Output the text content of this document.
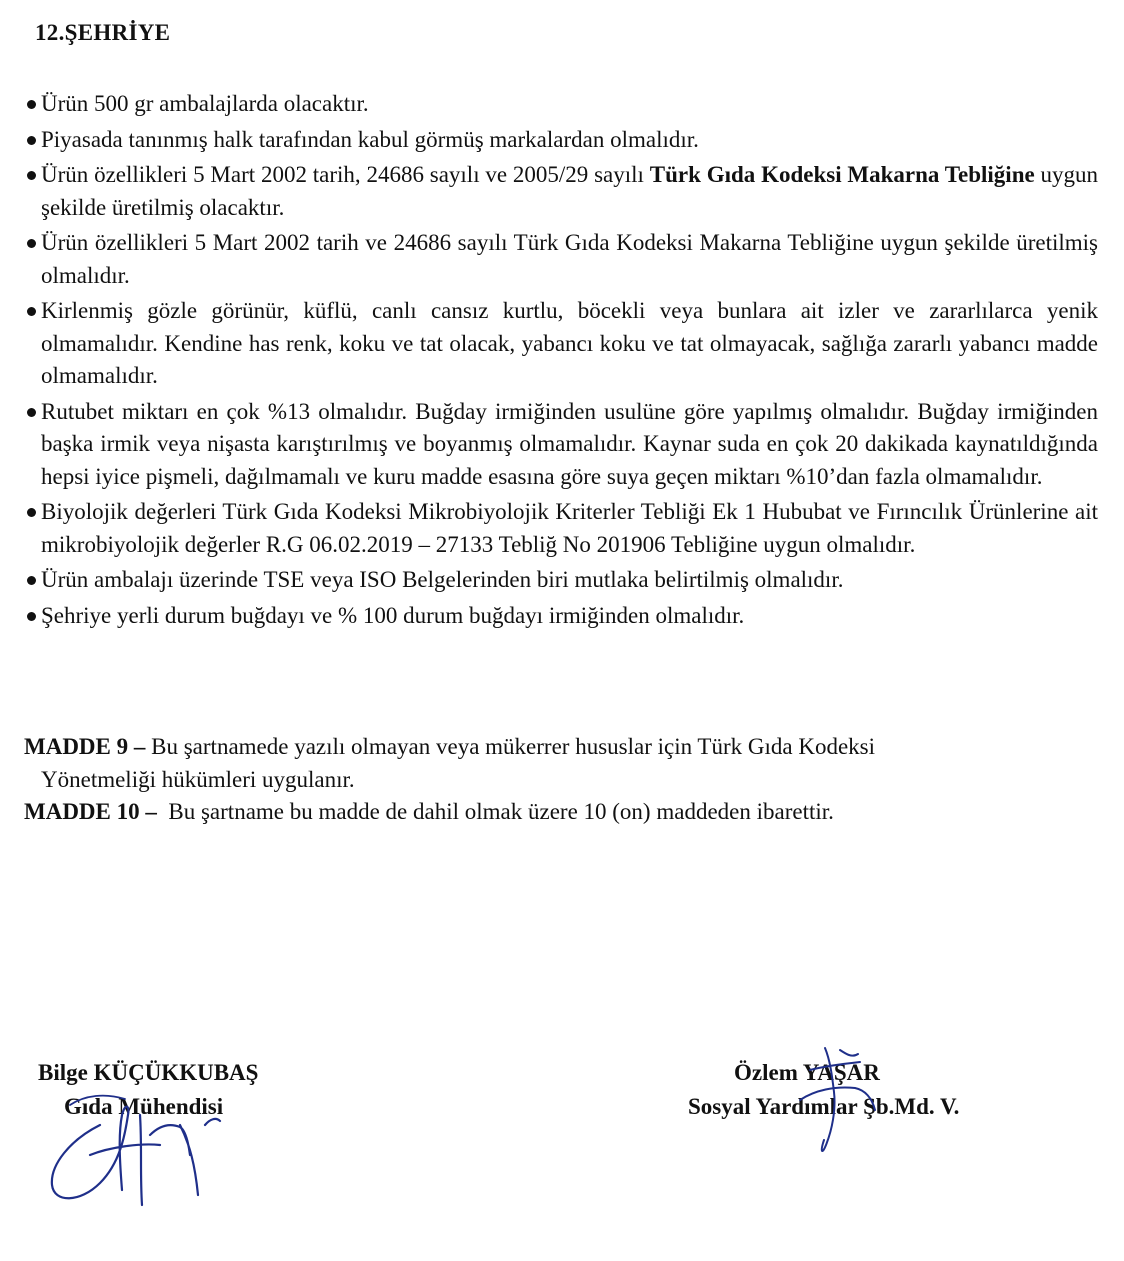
12.ŞEHRİYE
Ürün 500 gr ambalajlarda olacaktır.
Piyasada tanınmış halk tarafından kabul görmüş markalardan olmalıdır.
Ürün özellikleri 5 Mart 2002 tarih, 24686 sayılı ve 2005/29 sayılı Türk Gıda Kodeksi Makarna Tebliğine uygun şekilde üretilmiş olacaktır.
Ürün özellikleri 5 Mart 2002 tarih ve 24686 sayılı Türk Gıda Kodeksi Makarna Tebliğine uygun şekilde üretilmiş olmalıdır.
Kirlenmiş gözle görünür, küflü, canlı cansız kurtlu, böcekli veya bunlara ait izler ve zararlılarca yenik olmamalıdır. Kendine has renk, koku ve tat olacak, yabancı koku ve tat olmayacak, sağlığa zararlı yabancı madde olmamalıdır.
Rutubet miktarı en çok %13 olmalıdır. Buğday irmiğinden usulüne göre yapılmış olmalıdır. Buğday irmiğinden başka irmik veya nişasta karıştırılmış ve boyanmış olmamalıdır. Kaynar suda en çok 20 dakikada kaynatıldığında hepsi iyice pişmeli, dağılmamalı ve kuru madde esasına göre suya geçen miktarı %10’dan fazla olmamalıdır.
Biyolojik değerleri Türk Gıda Kodeksi Mikrobiyolojik Kriterler Tebliği Ek 1 Hububat ve Fırıncılık Ürünlerine ait mikrobiyolojik değerler R.G 06.02.2019 – 27133 Tebliğ No 201906 Tebliğine uygun olmalıdır.
Ürün ambalajı üzerinde TSE veya ISO Belgelerinden biri mutlaka belirtilmiş olmalıdır.
Şehriye yerli durum buğdayı ve % 100 durum buğdayı irmiğinden olmalıdır.
MADDE 9 – Bu şartnamede yazılı olmayan veya mükerrer hususlar için Türk Gıda Kodeksi
Yönetmeliği hükümleri uygulanır.
MADDE 10 –  Bu şartname bu madde de dahil olmak üzere 10 (on) maddeden ibarettir.
Bilge KÜÇÜKKUBAŞ
Gıda Mühendisi
Özlem YAŞAR
Sosyal Yardımlar Şb.Md. V.
